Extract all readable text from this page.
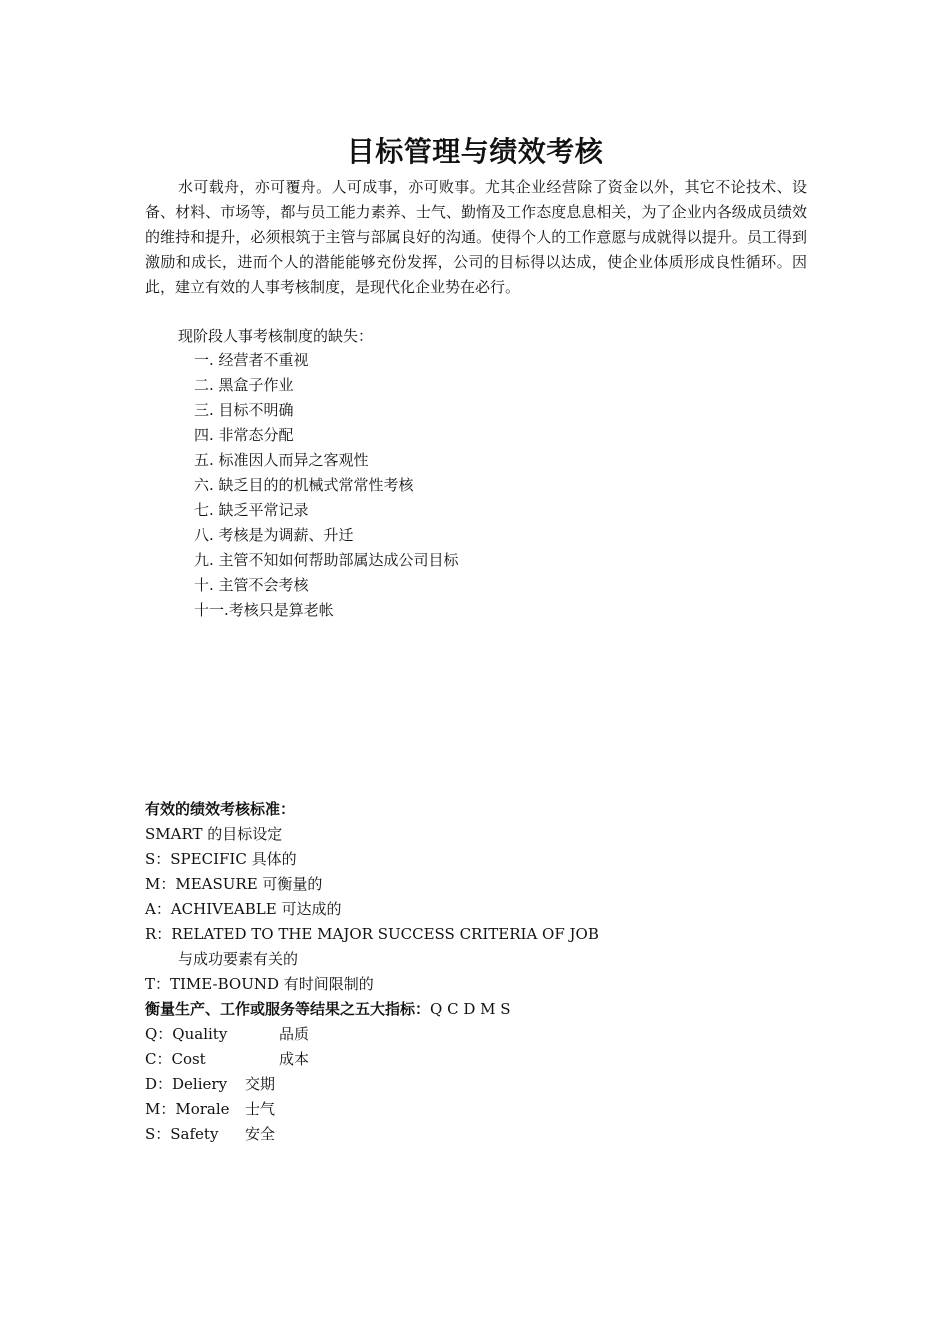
目标管理与绩效考核

水可载舟，亦可覆舟。人可成事，亦可败事。尤其企业经营除了资金以外，其它不论技术、设备、材料、市场等，都与员工能力素养、士气、勤惰及工作态度息息相关，为了企业内各级成员绩效的维持和提升，必须根筑于主管与部属良好的沟通。使得个人的工作意愿与成就得以提升。员工得到激励和成长，进而个人的潜能能够充份发挥，公司的目标得以达成，使企业体质形成良性循环。因此，建立有效的人事考核制度，是现代化企业势在必行。

现阶段人事考核制度的缺失：

一. 经营者不重视
二. 黑盒子作业
三. 目标不明确
四. 非常态分配
五. 标准因人而异之客观性
六. 缺乏目的的机械式常常性考核
七. 缺乏平常记录
八. 考核是为调薪、升迁
九. 主管不知如何帮助部属达成公司目标
十. 主管不会考核
十一.考核只是算老帐
有效的绩效考核标准：
SMART 的目标设定
S：SPECIFIC 具体的
M：MEASURE 可衡量的
A：ACHIVEABLE 可达成的
R：RELATED TO THE MAJOR SUCCESS CRITERIA OF JOB
与成功要素有关的
T：TIME-BOUND 有时间限制的
衡量生产、工作或服务等结果之五大指标：Q C D M S
Q：Quality	品质
C：Cost	成本
D：Deliery 交期
M：Morale 士气
S：Safety 安全
